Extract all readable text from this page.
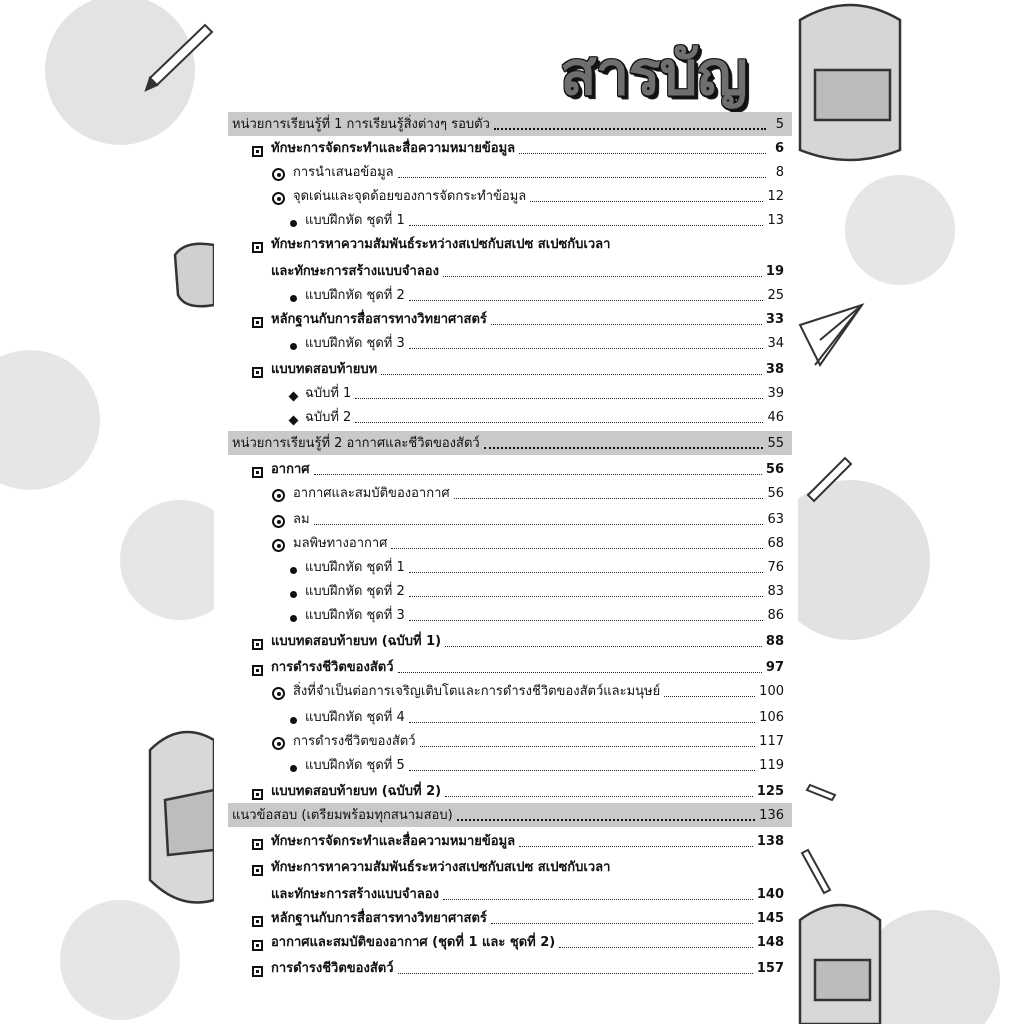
สารบัญ
หน่วยการเรียนรู้ที่ 1 การเรียนรู้สิ่งต่างๆ รอบตัว	5
ทักษะการจัดกระทำและสื่อความหมายข้อมูล	6
การนำเสนอข้อมูล	8
จุดเด่นและจุดด้อยของการจัดกระทำข้อมูล	12
แบบฝึกหัด ชุดที่ 1	13
ทักษะการหาความสัมพันธ์ระหว่างสเปซกับสเปซ สเปซกับเวลา
และทักษะการสร้างแบบจำลอง	19
แบบฝึกหัด ชุดที่ 2	25
หลักฐานกับการสื่อสารทางวิทยาศาสตร์	33
แบบฝึกหัด ชุดที่ 3	34
แบบทดสอบท้ายบท	38
ฉบับที่ 1	39
ฉบับที่ 2	46
หน่วยการเรียนรู้ที่ 2 อากาศและชีวิตของสัตว์	55
อากาศ	56
อากาศและสมบัติของอากาศ	56
ลม	63
มลพิษทางอากาศ	68
แบบฝึกหัด ชุดที่ 1	76
แบบฝึกหัด ชุดที่ 2	83
แบบฝึกหัด ชุดที่ 3	86
แบบทดสอบท้ายบท (ฉบับที่ 1)	88
การดำรงชีวิตของสัตว์	97
สิ่งที่จำเป็นต่อการเจริญเติบโตและการดำรงชีวิตของสัตว์และมนุษย์	100
แบบฝึกหัด ชุดที่ 4	106
การดำรงชีวิตของสัตว์	117
แบบฝึกหัด ชุดที่ 5	119
แบบทดสอบท้ายบท (ฉบับที่ 2)	125
แนวข้อสอบ (เตรียมพร้อมทุกสนามสอบ)	136
ทักษะการจัดกระทำและสื่อความหมายข้อมูล	138
ทักษะการหาความสัมพันธ์ระหว่างสเปซกับสเปซ สเปซกับเวลา
และทักษะการสร้างแบบจำลอง	140
หลักฐานกับการสื่อสารทางวิทยาศาสตร์	145
อากาศและสมบัติของอากาศ (ชุดที่ 1 และ ชุดที่ 2)	148
การดำรงชีวิตของสัตว์	157
